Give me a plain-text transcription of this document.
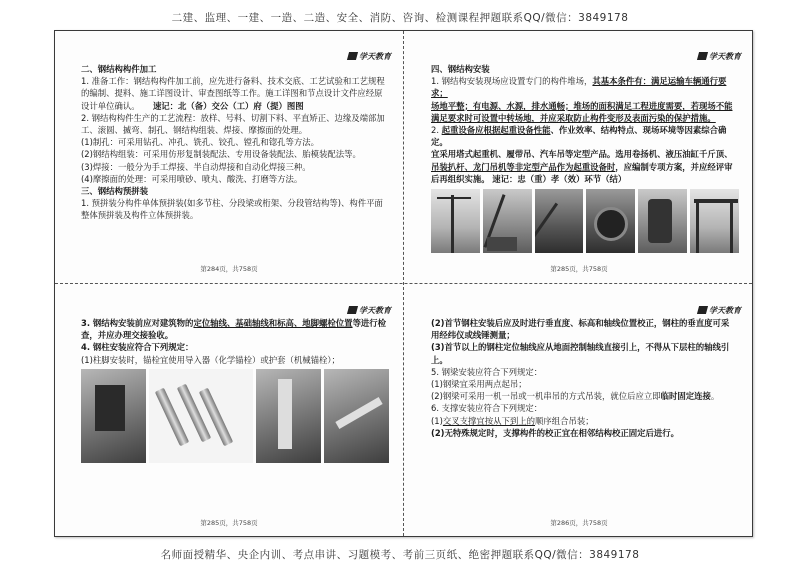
二建、监理、一建、一造、二造、安全、消防、咨询、检测课程押题联系QQ/微信：3849178
学天教育

二、钢结构构件加工

1. 准备工作：钢结构构件加工前，应先进行备料、技术交底、工艺试验和工艺规程

的编制、提料、施工详图设计、审查图纸等工作。施工详图和节点设计文件应经原

设计单位确认。 速记：北（备）交公（工）府（提）图图

2. 钢结构构件生产的工艺流程：放样、号料、切割下料、平直矫正、边缘及端部加

工、滚圆、揻弯、制孔、钢结构组装、焊接、摩擦面的处理。

(1)制孔：可采用钻孔、冲孔、铣孔、铰孔、镗孔和锪孔等方法。

(2)钢结构组装：可采用仿形复制装配法、专用设备装配法、胎模装配法等。

(3)焊接：一般分为手工焊接、半自动焊接和自动化焊接三种。

(4)摩擦面的处理：可采用喷砂、喷丸、酸洗、打磨等方法。

三、钢结构预拼装

1. 预拼装分构件单体预拼装(如多节柱、分段梁或桁架、分段管结构等)、构件平面

整体预拼装及构件立体预拼装。

第284页，共758页
学天教育

四、钢结构安装

1. 钢结构安装现场应设置专门的构件堆场，其基本条件有：满足运输车辆通行要求；

场地平整；有电源、水源，排水通畅；堆场的面积满足工程进度需要，若现场不能

满足要求时可设置中转场地，并应采取防止构件变形及表面污染的保护措施。

2. 起重设备应根据起重设备性能、作业效率、结构特点、现场环境等因素综合确定。

宜采用塔式起重机、履带吊、汽车吊等定型产品。选用卷扬机、液压油缸千斤顶、

吊装扒杆、龙门吊机等非定型产品作为起重设备时，应编制专项方案，并应经评审

后再组织实施。 速记：忠（重）孝（效）环节（结）

第285页，共758页
学天教育

3. 钢结构安装前应对建筑物的定位轴线、基础轴线和标高、地脚螺栓位置等进行检

查，并应办理交接验收。

4. 钢柱安装应符合下列规定：

(1)柱脚安装时，锚栓宜使用导入器（化学锚栓）或护套（机械锚栓）；

第285页，共758页
学天教育

(2)首节钢柱安装后应及时进行垂直度、标高和轴线位置校正，钢柱的垂直度可采

用经纬仪或线锤测量；

(3)首节以上的钢柱定位轴线应从地面控制轴线直接引上，不得从下层柱的轴线引

上。

5. 钢梁安装应符合下列规定：

(1)钢梁宜采用两点起吊；

(2)钢梁可采用一机一吊或一机串吊的方式吊装，就位后应立即临时固定连接。

6. 支撑安装应符合下列规定：

(1)交叉支撑宜按从下到上的顺序组合吊装；

(2)无特殊规定时，支撑构件的校正宜在相邻结构校正固定后进行。

第286页，共758页

名师面授精华、央企内训、考点串讲、习题模考、考前三页纸、绝密押题联系QQ/微信：3849178
